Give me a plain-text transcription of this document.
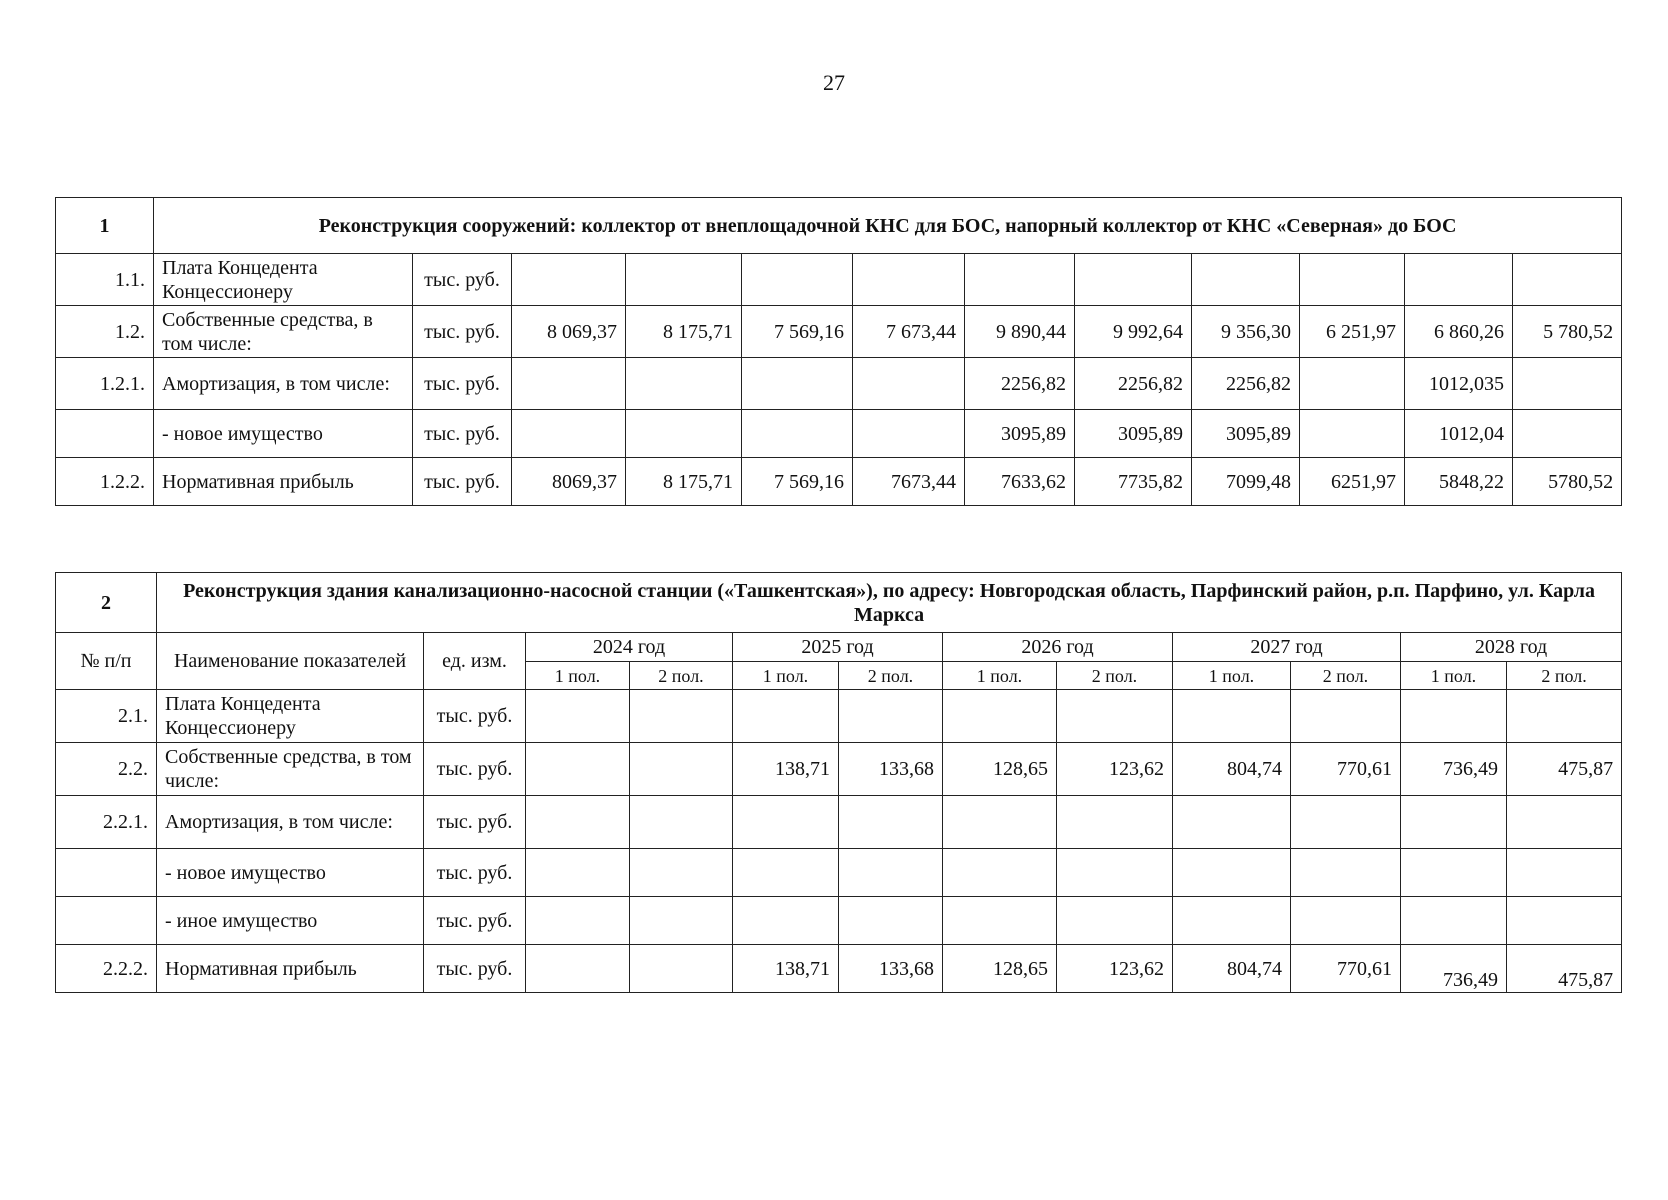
27
1	Реконструкция сооружений: коллектор от внеплощадочной КНС для БОС, напорный коллектор от КНС «Северная» до БОС											
1.1.	Плата Концедента Концессионеру	тыс. руб.										
1.2.	Собственные средства, в том числе:	тыс. руб.	8 069,37	8 175,71	7 569,16	7 673,44	9 890,44	9 992,64	9 356,30	6 251,97	6 860,26	5 780,52
1.2.1.	Амортизация, в том числе:	тыс. руб.					2256,82	2256,82	2256,82		1012,035	
	- новое имущество	тыс. руб.					3095,89	3095,89	3095,89		1012,04	
1.2.2.	Нормативная прибыль	тыс. руб.	8069,37	8 175,71	7 569,16	7673,44	7633,62	7735,82	7099,48	6251,97	5848,22	5780,52
2	Реконструкция здания канализационно-насосной станции («Ташкентская»), по адресу: Новгородская область, Парфинский район, р.п. Парфино, ул. Карла Маркса											
№ п/п	Наименование показателей	ед. изм.	2024 год		2025 год		2026 год		2027 год		2028 год	
			1 пол.	2 пол.	1 пол.	2 пол.	1 пол.	2 пол.	1 пол.	2 пол.	1 пол.	2 пол.
2.1.	Плата Концедента Концессионеру	тыс. руб.										
2.2.	Собственные средства, в том числе:	тыс. руб.			138,71	133,68	128,65	123,62	804,74	770,61	736,49	475,87
2.2.1.	Амортизация, в том числе:	тыс. руб.										
	- новое имущество	тыс. руб.										
	- иное имущество	тыс. руб.										
2.2.2.	Нормативная прибыль	тыс. руб.			138,71	133,68	128,65	123,62	804,74	770,61	736,49	475,87
